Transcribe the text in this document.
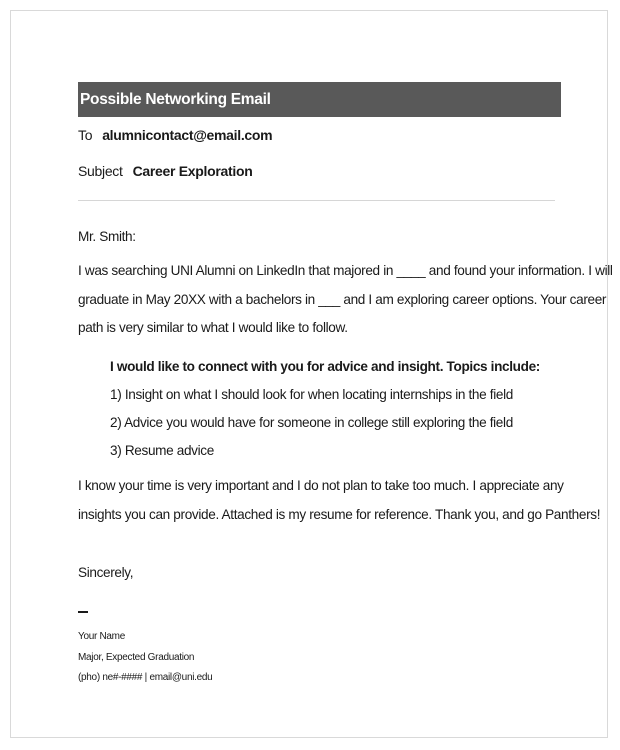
Possible Networking Email
To alumnicontact@email.com
Subject Career Exploration
Mr. Smith:
I was searching UNI Alumni on LinkedIn that majored in ____ and found your information. I will
graduate in May 20XX with a bachelors in ___ and I am exploring career options. Your career
path is very similar to what I would like to follow.
I would like to connect with you for advice and insight. Topics include:
1) Insight on what I should look for when locating internships in the field
2) Advice you would have for someone in college still exploring the field
3) Resume advice
I know your time is very important and I do not plan to take too much. I appreciate any
insights you can provide. Attached is my resume for reference. Thank you, and go Panthers!
Sincerely,
Your Name
Major, Expected Graduation
(pho) ne#-#### | email@uni.edu
